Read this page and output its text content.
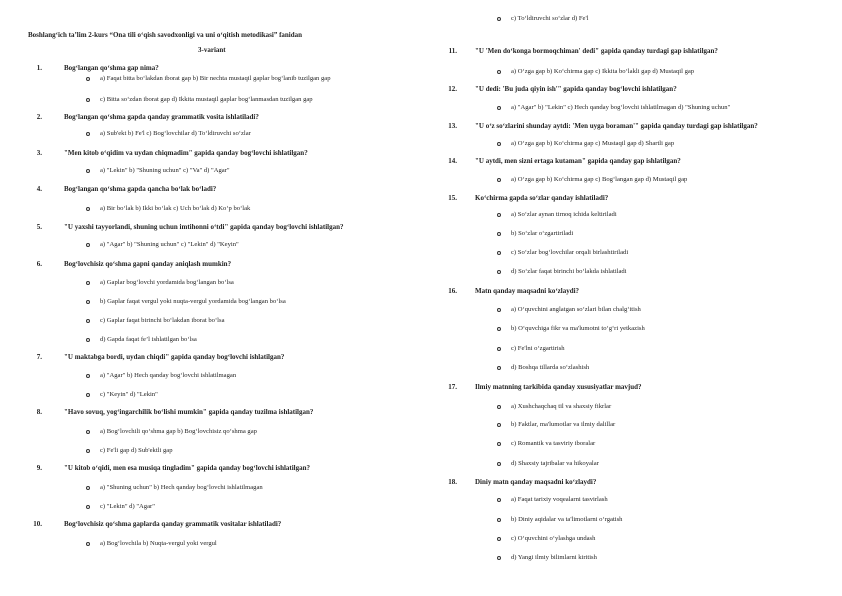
Boshlang‘ich ta’lim 2-kurs “Ona tili o‘qish savodxonligi va uni o‘qitish metodikasi” fanidan
3-variant
1.	Bog‘langan qo‘shma gap nima?
a) Faqat bitta bo‘lakdan iborat gap b) Bir nechta mustaqil gaplar bog‘lanib tuzilgan gap
c) Bitta so‘zdan iborat gap d) Ikkita mustaqil gaplar bog‘lanmasdan tuzilgan gap
2.	Bog‘langan qo‘shma gapda qanday grammatik vosita ishlatiladi?
a) Sub'ekt b) Fe'l c) Bog‘lovchilar d) To‘ldiruvchi so‘zlar
3.	"Men kitob o‘qidim va uydan chiqmadim" gapida qanday bog‘lovchi ishlatilgan?
a) "Lekin" b) "Shuning uchun" c) "Va" d) "Agar"
4.	Bog‘langan qo‘shma gapda qancha bo‘lak bo‘ladi?
a) Bir bo‘lak b) Ikki bo‘lak c) Uch bo‘lak d) Ko‘p bo‘lak
5.	"U yaxshi tayyorlandi, shuning uchun imtihonni o‘tdi" gapida qanday bog‘lovchi ishlatilgan?
a) "Agar" b) "Shuning uchun" c) "Lekin" d) "Keyin"
6.	Bog‘lovchisiz qo‘shma gapni qanday aniqlash mumkin?
a) Gaplar bog‘lovchi yordamida bog‘langan bo‘lsa
b) Gaplar faqat vergul yoki nuqta-vergul yordamida bog‘langan bo‘lsa
c) Gaplar faqat birinchi bo‘lakdan iborat bo‘lsa
d) Gapda faqat fe’l ishlatilgan bo‘lsa
7.	"U maktabga bordi, uydan chiqdi" gapida qanday bog‘lovchi ishlatilgan?
a) "Agar" b) Hech qanday bog‘lovchi ishlatilmagan
c) "Keyin" d) "Lekin"
8.	"Havo sovuq, yog‘ingarchilik bo‘lishi mumkin" gapida qanday tuzilma ishlatilgan?
a) Bog‘lovchili qo‘shma gap b) Bog‘lovchisiz qo‘shma gap
c) Fe'li gap d) Sub'ektli gap
9.	"U kitob o‘qidi, men esa musiqa tingladim" gapida qanday bog‘lovchi ishlatilgan?
a) "Shuning uchun" b) Hech qanday bog‘lovchi ishlatilmagan
c) "Lekin" d) "Agar"
10.	Bog‘lovchisiz qo‘shma gaplarda qanday grammatik vositalar ishlatiladi?
a) Bog‘lovchila b) Nuqta-vergul yoki vergul
c) To‘ldiruvchi so‘zlar d) Fe'l
11.	"U 'Men do‘konga bormoqchiman' dedi" gapida qanday turdagi gap ishlatilgan?
a) O‘zga gap b) Ko‘chirma gap c) Ikkita bo‘lakli gap d) Mustaqil gap
12.	"U dedi: 'Bu juda qiyin ish'" gapida qanday bog‘lovchi ishlatilgan?
a) "Agar" b) "Lekin" c) Hech qanday bog‘lovchi ishlatilmagan d) "Shuning uchun"
13.	"U o‘z so‘zlarini shunday aytdi: 'Men uyga boraman'" gapida qanday turdagi gap ishlatilgan?
a) O‘zga gap b) Ko‘chirma gap c) Mustaqil gap d) Shartli gap
14.	"U aytdi, men sizni ertaga kutaman" gapida qanday gap ishlatilgan?
a) O‘zga gap b) Ko‘chirma gap c) Bog‘langan gap d) Mustaqil gap
15.	Ko‘chirma gapda so‘zlar qanday ishlatiladi?
a) So‘zlar aynan tirnoq ichida keltiriladi
b) So‘zlar o‘zgartiriladi
c) So‘zlar bog‘lovchilar orqali birlashtiriladi
d) So‘zlar faqat birinchi bo‘lakda ishlatiladi
16.	Matn qanday maqsadni ko‘zlaydi?
a) O‘quvchini anglatgan so‘zlari bilan chalg‘itish
b) O‘quvchiga fikr va ma'lumotni to‘g‘ri yetkazish
c) Fe'lni o‘zgartirish
d) Boshqa tillarda so‘zlashish
17.	Ilmiy matnning tarkibida qanday xususiyatlar mavjud?
a) Xushchaqchaq til va shaxsiy fikrlar
b) Faktlar, ma'lumotlar va ilmiy dalillar
c) Romantik va tasviriy iboralar
d) Shaxsiy tajribalar va hikoyalar
18.	Diniy matn qanday maqsadni ko‘zlaydi?
a) Faqat tarixiy voqealarni tasvirlash
b) Diniy aqidalar va ta'limotlarni o‘rgatish
c) O‘quvchini o‘ylashga undash
d) Yangi ilmiy bilimlarni kiritish
